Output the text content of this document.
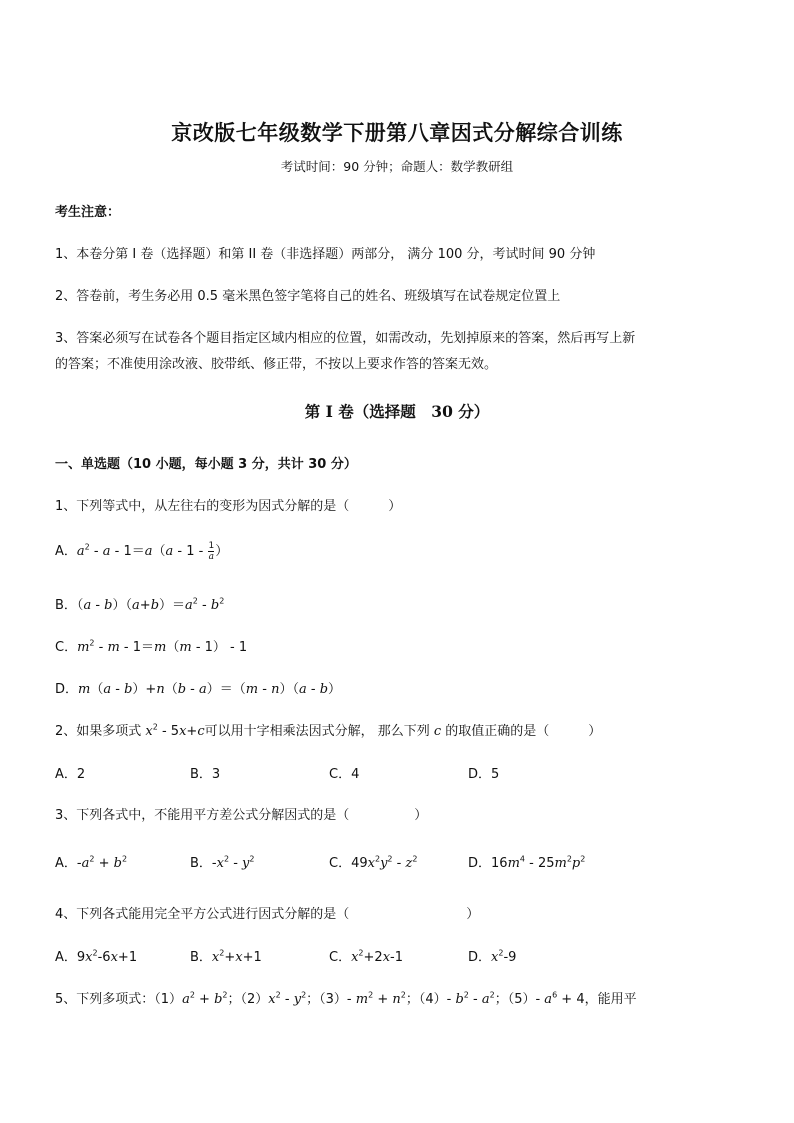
京改版七年级数学下册第八章因式分解综合训练
考试时间：90 分钟；命题人：数学教研组
考生注意：
1、本卷分第 I 卷（选择题）和第 II 卷（非选择题）两部分， 满分 100 分，考试时间 90 分钟
2、答卷前，考生务必用 0.5 毫米黑色签字笔将自己的姓名、班级填写在试卷规定位置上
3、答案必须写在试卷各个题目指定区域内相应的位置，如需改动，先划掉原来的答案，然后再写上新
的答案；不准使用涂改液、胶带纸、修正带，不按以上要求作答的答案无效。
第 I 卷（选择题　30 分）
一、单选题（10 小题，每小题 3 分，共计 30 分）
1、下列等式中，从左往右的变形为因式分解的是（　　　）
A．$a^2 - a - 1=a(a - 1 - \frac{1}{a}$ ）
B．$(a - b)(a+b)=a^2 - b^2$
C．$m^2 - m - 1=m(m - 1) - 1$
D．m（a - b）+n（b - a）＝（m - n）（a - b）
2、如果多项式 $x^2 - 5x+c$可以用十字相乘法因式分解， 那么下列 c 的取值正确的是（　　　）
A．2	B．3	C．4	D．5
3、下列各式中，不能用平方差公式分解因式的是（　　　　　）
A．$-a^2 + b^2$	B．$-x^2 - y^2$	C．$49x^2y^2 - z^2$	D．$16m^4 - 25m^2p^2$
4、下列各式能用完全平方公式进行因式分解的是（　　　　　　　　　）
A．$9x^2-6x+1$	B．$x^2+x+1$	C．$x^2+2x-1$	D．$x^2-9$
5、下列多项式：$(1)a^2 + b^2$；$(2)x^2 - y^2$；（3）- $m^2 + n^2$；（4）- $b^2 - a^2$；（5）- $a^6 + 4$，能用平
